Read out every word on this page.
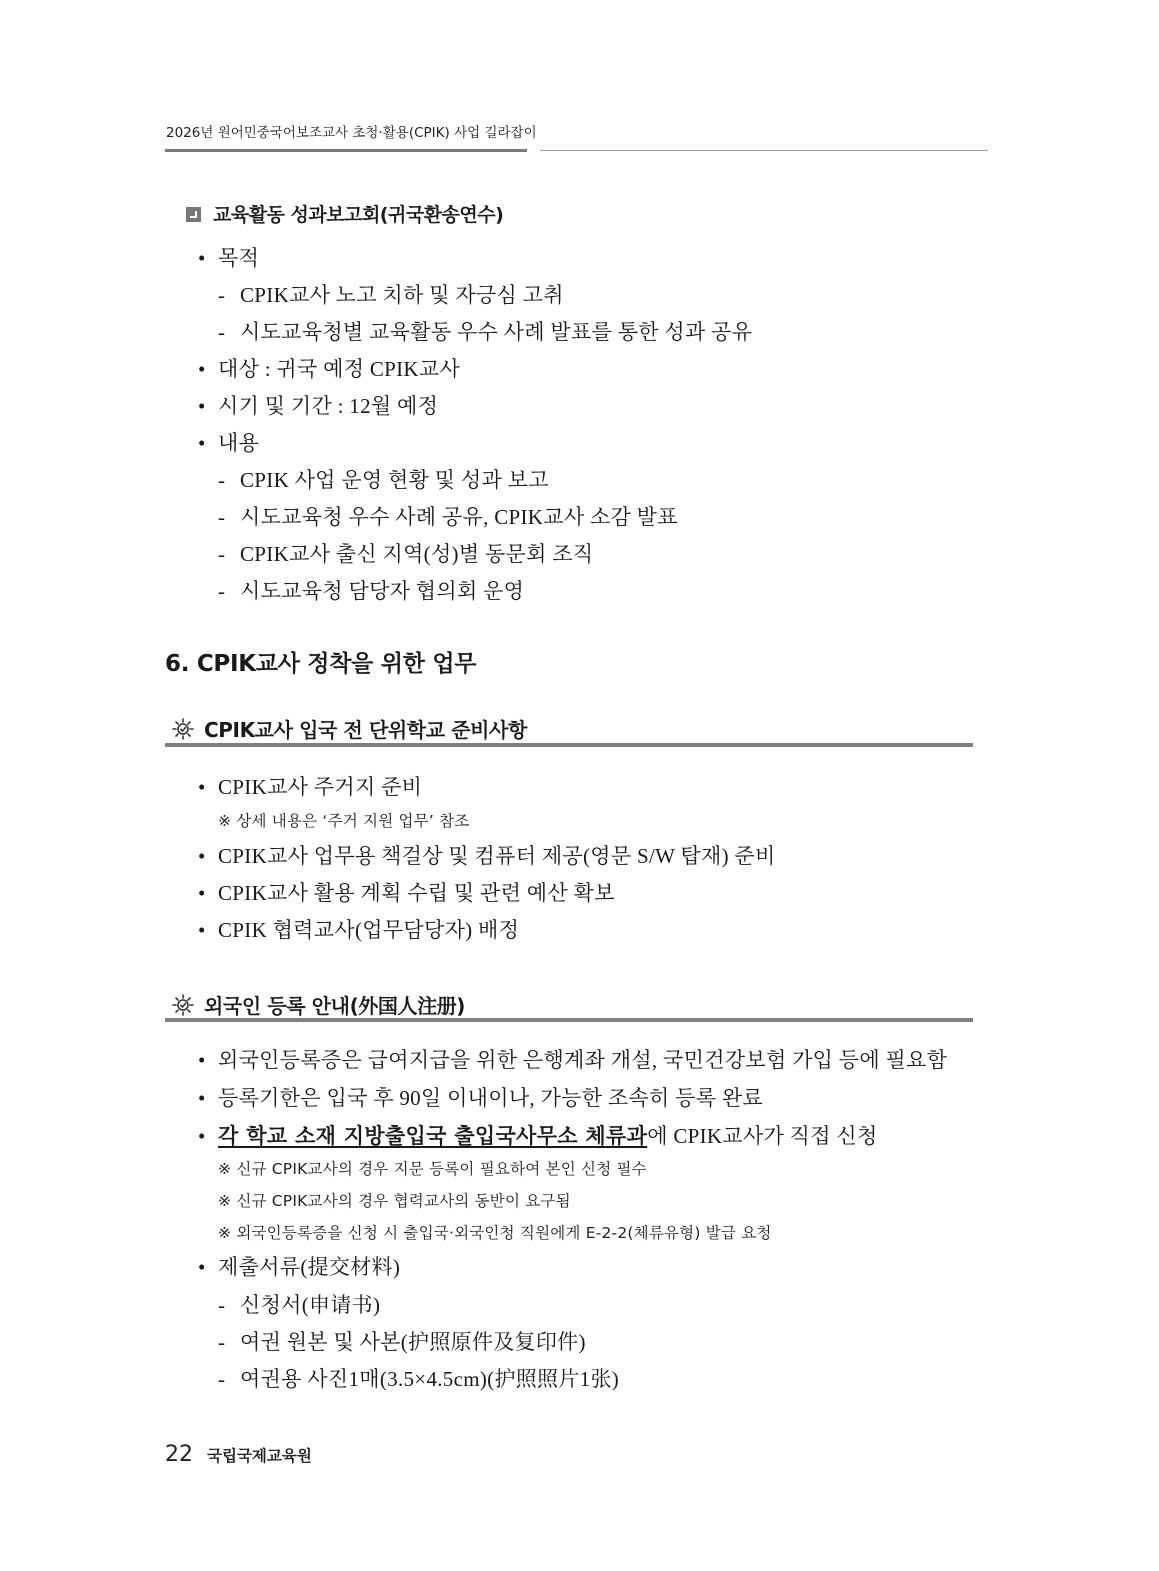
2026년 원어민중국어보조교사 초청·활용(CPIK) 사업 길라잡이
교육활동 성과보고회(귀국환송연수)
• 목적
- CPIK교사 노고 치하 및 자긍심 고취
- 시도교육청별 교육활동 우수 사례 발표를 통한 성과 공유
• 대상 : 귀국 예정 CPIK교사
• 시기 및 기간 : 12월 예정
• 내용
- CPIK 사업 운영 현황 및 성과 보고
- 시도교육청 우수 사례 공유, CPIK교사 소감 발표
- CPIK교사 출신 지역(성)별 동문회 조직
- 시도교육청 담당자 협의회 운영
6. CPIK교사 정착을 위한 업무
CPIK교사 입국 전 단위학교 준비사항
• CPIK교사 주거지 준비
※ 상세 내용은 ‘주거 지원 업무’ 참조
• CPIK교사 업무용 책걸상 및 컴퓨터 제공(영문 S/W 탑재) 준비
• CPIK교사 활용 계획 수립 및 관련 예산 확보
• CPIK 협력교사(업무담당자) 배정
외국인 등록 안내(外国人注册)
• 외국인등록증은 급여지급을 위한 은행계좌 개설, 국민건강보험 가입 등에 필요함
• 등록기한은 입국 후 90일 이내이나, 가능한 조속히 등록 완료
• 각 학교 소재 지방출입국 출입국사무소 체류과에 CPIK교사가 직접 신청
※ 신규 CPIK교사의 경우 지문 등록이 필요하여 본인 신청 필수
※ 신규 CPIK교사의 경우 협력교사의 동반이 요구됨
※ 외국인등록증을 신청 시 출입국·외국인청 직원에게 E-2-2(체류유형) 발급 요청
• 제출서류(提交材料)
- 신청서(申请书)
- 여권 원본 및 사본(护照原件及复印件)
- 여권용 사진1매(3.5×4.5cm)(护照照片1张)
22 국립국제교육원
